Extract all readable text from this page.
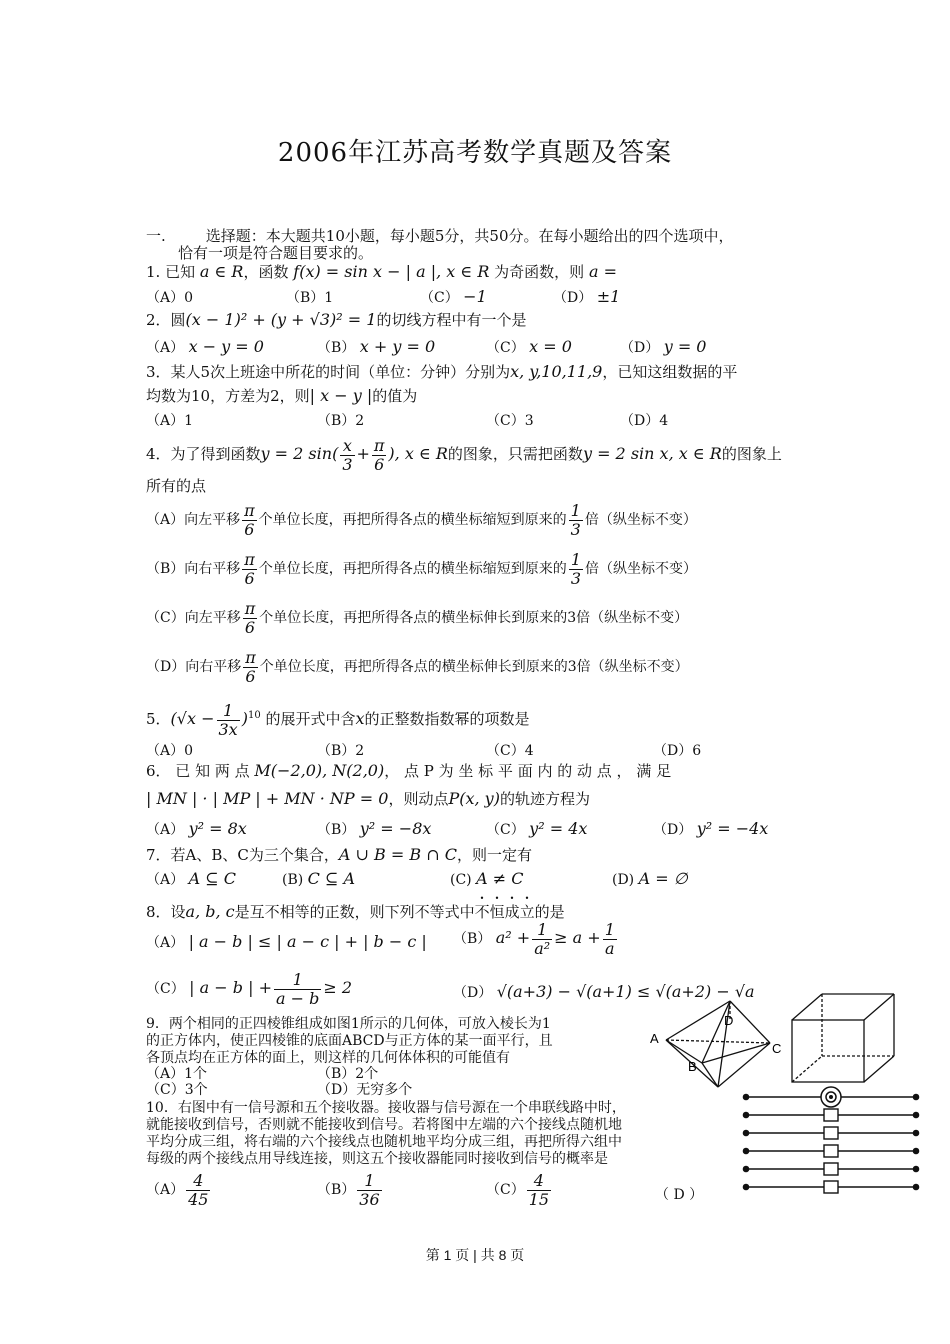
2006年江苏高考数学真题及答案
一.	选择题：本大题共10小题，每小题5分，共50分。在每小题给出的四个选项中，
恰有一项是符合题目要求的。
1. 已知 a ∈ R，函数 f(x) = sin x − | a |, x ∈ R 为奇函数，则 a =
（A）0	（B）1	（C） −1	（D） ±1
2．圆(x − 1)² + (y + √3)² = 1的切线方程中有一个是
（A） x − y = 0	（B） x + y = 0	（C） x = 0	（D） y = 0
3．某人5次上班途中所花的时间（单位：分钟）分别为x, y,10,11,9，已知这组数据的平
均数为10，方差为2，则| x − y |的值为
（A）1	（B）2	（C）3	（D）4
4．为了得到函数y = 2 $\sin( \frac{x}{3} + \frac{\pi}{6}$ ), x ∈ R的图象，只需把函数y = 2 sin x, x ∈ R的图象上
所有的点
（A）向左平移 $\frac{\pi}{6}$ 个单位长度，再把所得各点的横坐标缩短到原来的 $\frac{1}{3}$ 倍（纵坐标不变）
（B）向右平移 $\frac{\pi}{6}$ 个单位长度，再把所得各点的横坐标缩短到原来的 $\frac{1}{3}$ 倍（纵坐标不变）
（C）向左平移 $\frac{\pi}{6}$ 个单位长度，再把所得各点的横坐标伸长到原来的3倍（纵坐标不变）
（D）向右平移 $\frac{\pi}{6}$ 个单位长度，再把所得各点的横坐标伸长到原来的3倍（纵坐标不变）
5．$(√x - \frac{1}{3x} )^{10}$ 的展开式中含x的正整数指数幂的项数是
（A）0	（B）2	（C）4	（D）6
6． 已 知 两 点 M(−2,0), N(2,0)， 点 P 为 坐 标 平 面 内 的 动 点 ， 满 足
| MN | · | MP | + MN · NP = 0，则动点P(x, y)的轨迹方程为
（A） y² = 8x	（B） y² = −8x	（C） y² = 4x	（D） y² = −4x
7．若A、B、C为三个集合，A ∪ B = B ∩ C，则一定有
（A） A ⊆ C	(B) C ⊆ A	(C) A ≠ C	(D) A = ∅
8．设a, b, c是互不相等的正数，则下列不等式中不恒成立的是
（A） | a − b | ≤ | a − c | + | b − c | （B） $a^2 + \frac{1}{\text{a²}} \ge a + \frac{1}{a}$
（C） | a − b | + $\frac{1}{a - b} \ge 2$	（D） √(a+3) − √(a+1) ≤ √(a+2) − √a
9．两个相同的正四棱锥组成如图1所示的几何体，可放入棱长为1
的正方体内，使正四棱锥的底面ABCD与正方体的某一面平行，且
各顶点均在正方体的面上，则这样的几何体体积的可能值有
（A）1个	（B）2个
（C）3个	（D）无穷多个
A
B
C
D
10．右图中有一信号源和五个接收器。接收器与信号源在一个串联线路中时，
就能接收到信号，否则就不能接收到信号。若将图中左端的六个接线点随机地
平均分成三组，将右端的六个接线点也随机地平均分成三组，再把所得六组中
每级的两个接线点用导线连接，则这五个接收器能同时接收到信号的概率是
$(A) \frac{4}{45}$	$(B) \frac{1}{36}$	$(C) \frac{4}{15}$	（ D ）
第 1 页 | 共 8 页
